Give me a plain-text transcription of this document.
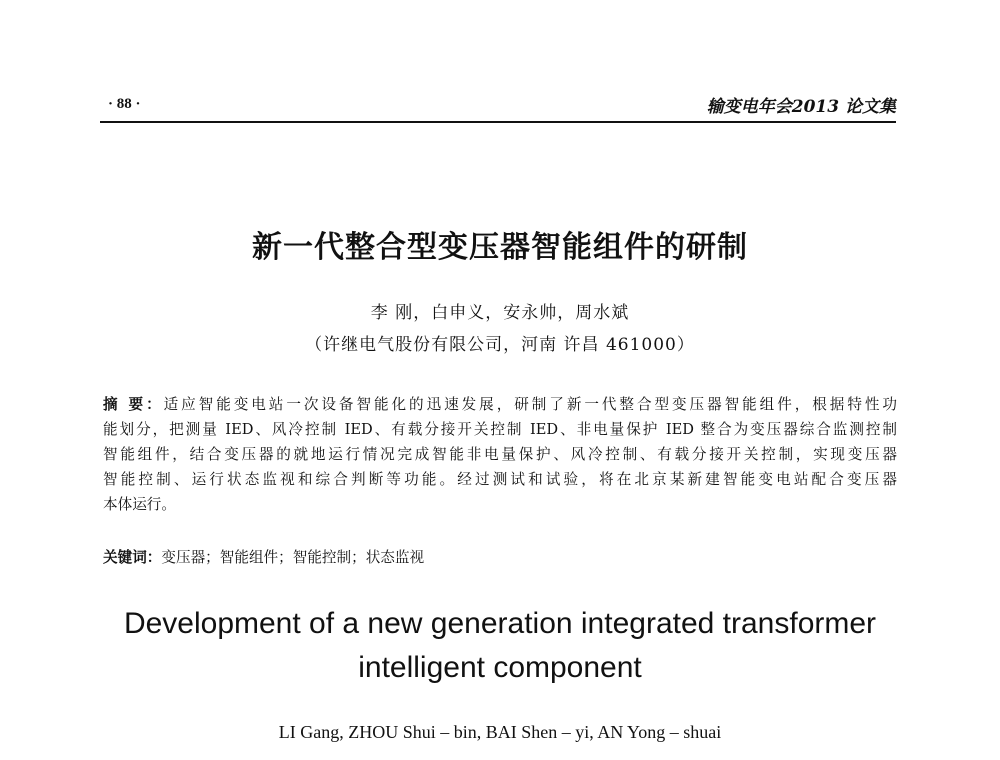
· 88 ·	输变电年会2013 论文集
新一代整合型变压器智能组件的研制
李 刚，白申义，安永帅，周水斌
（许继电气股份有限公司，河南 许昌 461000）
摘 要：适应智能变电站一次设备智能化的迅速发展，研制了新一代整合型变压器智能组件，根据特性功
能划分，把测量 IED、风冷控制 IED、有载分接开关控制 IED、非电量保护 IED 整合为变压器综合监测控制
智能组件，结合变压器的就地运行情况完成智能非电量保护、风冷控制、有载分接开关控制，实现变压器
智能控制、运行状态监视和综合判断等功能。经过测试和试验，将在北京某新建智能变电站配合变压器
本体运行。
关键词：变压器；智能组件；智能控制；状态监视
Development of a new generation integrated transformer
intelligent component
LI Gang, ZHOU Shui – bin, BAI Shen – yi, AN Yong – shuai
